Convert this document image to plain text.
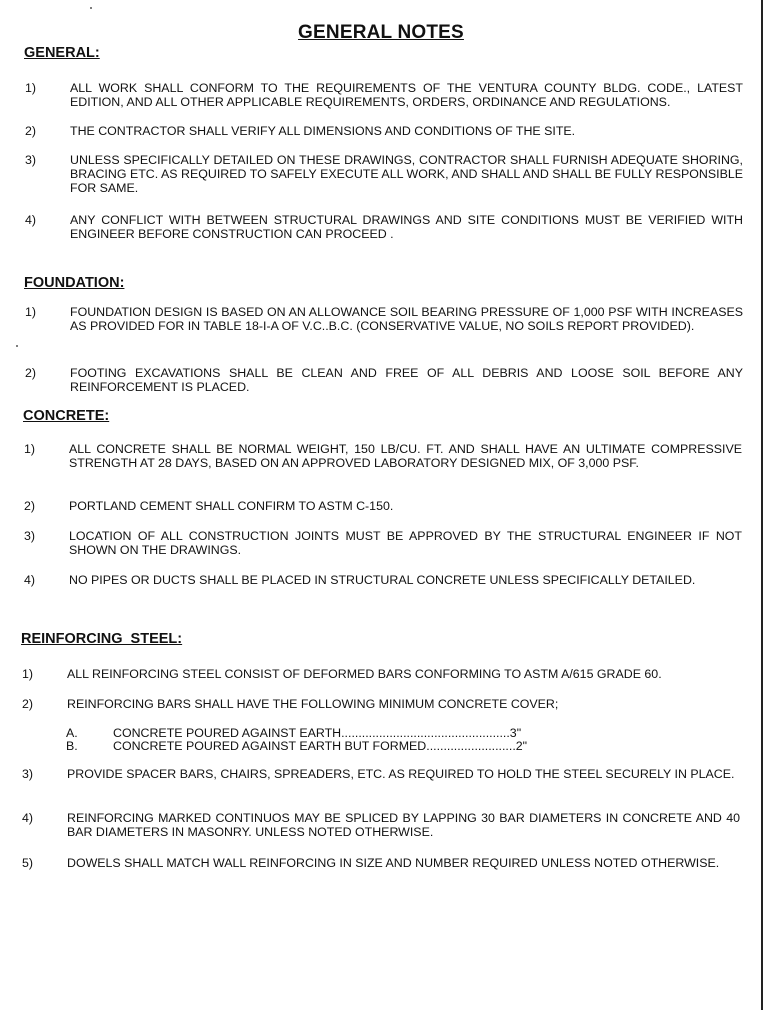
GENERAL NOTES
GENERAL:
1)	ALL WORK SHALL CONFORM TO THE REQUIREMENTS OF THE VENTURA COUNTY BLDG. CODE., LATEST EDITION, AND ALL OTHER APPLICABLE REQUIREMENTS, ORDERS, ORDINANCE AND REGULATIONS.
2)	THE CONTRACTOR SHALL VERIFY ALL DIMENSIONS AND CONDITIONS OF THE SITE.
3)	UNLESS SPECIFICALLY DETAILED ON THESE DRAWINGS, CONTRACTOR SHALL FURNISH ADEQUATE SHORING, BRACING ETC. AS REQUIRED TO SAFELY EXECUTE ALL WORK, AND SHALL AND SHALL BE FULLY RESPONSIBLE FOR SAME.
4)	ANY CONFLICT WITH BETWEEN STRUCTURAL DRAWINGS AND SITE CONDITIONS MUST BE VERIFIED WITH ENGINEER BEFORE CONSTRUCTION CAN PROCEED .
FOUNDATION:
1)	FOUNDATION DESIGN IS BASED ON AN ALLOWANCE SOIL BEARING PRESSURE OF 1,000 PSF WITH INCREASES AS PROVIDED FOR IN TABLE 18-I-A OF V.C..B.C. (CONSERVATIVE VALUE, NO SOILS REPORT PROVIDED).
2)	FOOTING EXCAVATIONS SHALL BE CLEAN AND FREE OF ALL DEBRIS AND LOOSE SOIL BEFORE ANY REINFORCEMENT IS PLACED.
CONCRETE:
1)	ALL CONCRETE SHALL BE NORMAL WEIGHT, 150 LB/CU. FT. AND SHALL HAVE AN ULTIMATE COMPRESSIVE STRENGTH AT 28 DAYS, BASED ON AN APPROVED LABORATORY DESIGNED MIX, OF 3,000 PSF.
2)	PORTLAND CEMENT SHALL CONFIRM TO ASTM C-150.
3)	LOCATION OF ALL CONSTRUCTION JOINTS MUST BE APPROVED BY THE STRUCTURAL ENGINEER IF NOT SHOWN ON THE DRAWINGS.
4)	NO PIPES OR DUCTS SHALL BE PLACED IN STRUCTURAL CONCRETE UNLESS SPECIFICALLY DETAILED.
REINFORCING  STEEL:
1)	ALL REINFORCING STEEL CONSIST OF DEFORMED BARS CONFORMING TO ASTM A/615 GRADE 60.
2)	REINFORCING BARS SHALL HAVE THE FOLLOWING MINIMUM CONCRETE COVER;
A.	CONCRETE POURED AGAINST EARTH.................................................3"
B.	CONCRETE POURED AGAINST EARTH BUT FORMED..........................2"
3)	PROVIDE SPACER BARS, CHAIRS, SPREADERS, ETC. AS REQUIRED TO HOLD THE STEEL SECURELY IN PLACE.
4)	REINFORCING MARKED CONTINUOS MAY BE SPLICED BY LAPPING 30 BAR DIAMETERS IN CONCRETE AND 40 BAR DIAMETERS IN MASONRY. UNLESS NOTED OTHERWISE.
5)	DOWELS SHALL MATCH WALL REINFORCING IN SIZE AND NUMBER REQUIRED UNLESS NOTED OTHERWISE.
